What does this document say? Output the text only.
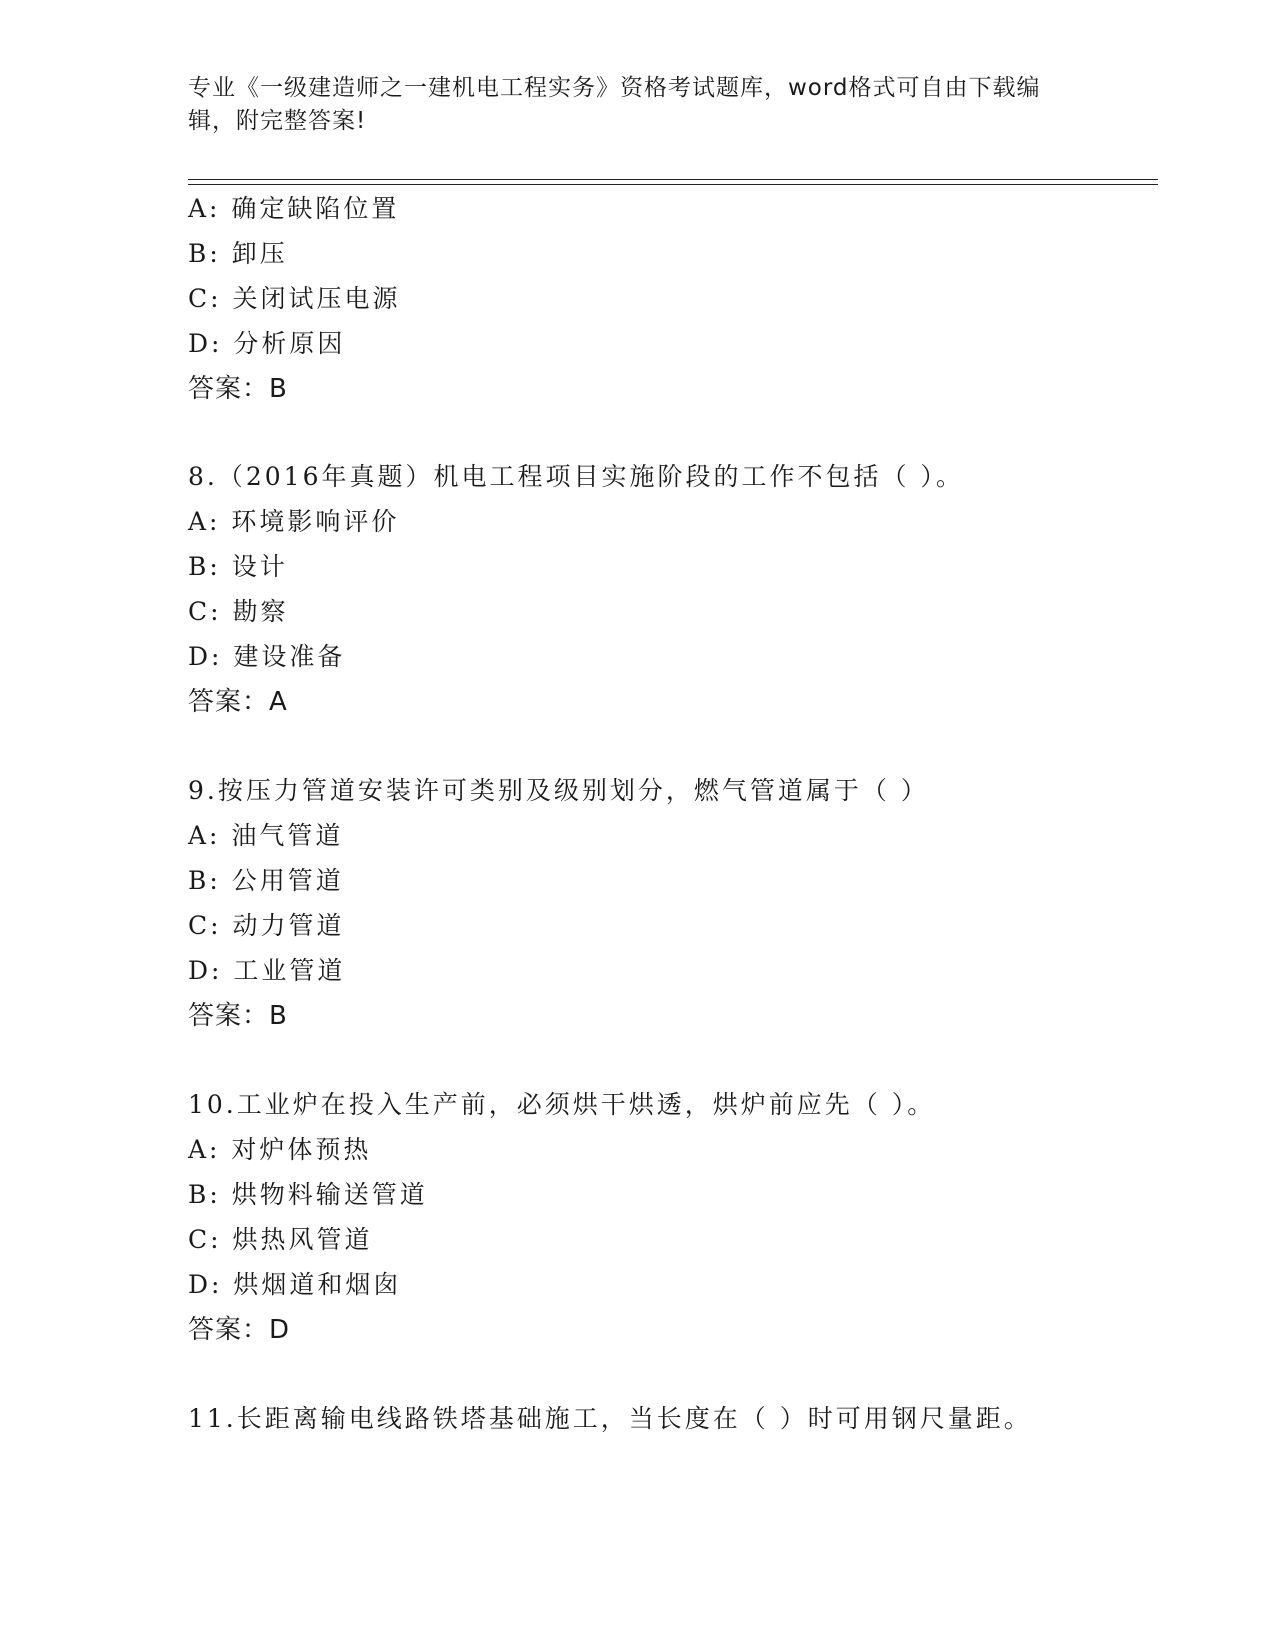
专业《一级建造师之一建机电工程实务》资格考试题库，word格式可自由下载编辑，附完整答案!
A: 确定缺陷位置
B: 卸压
C: 关闭试压电源
D: 分析原因
答案：B
8.（2016年真题）机电工程项目实施阶段的工作不包括（ ）。
A: 环境影响评价
B: 设计
C: 勘察
D: 建设准备
答案：A
9.按压力管道安装许可类别及级别划分，燃气管道属于（ ）
A: 油气管道
B: 公用管道
C: 动力管道
D: 工业管道
答案：B
10.工业炉在投入生产前，必须烘干烘透，烘炉前应先（ ）。
A: 对炉体预热
B: 烘物料输送管道
C: 烘热风管道
D: 烘烟道和烟囱
答案：D
11.长距离输电线路铁塔基础施工，当长度在（ ）时可用钢尺量距。
